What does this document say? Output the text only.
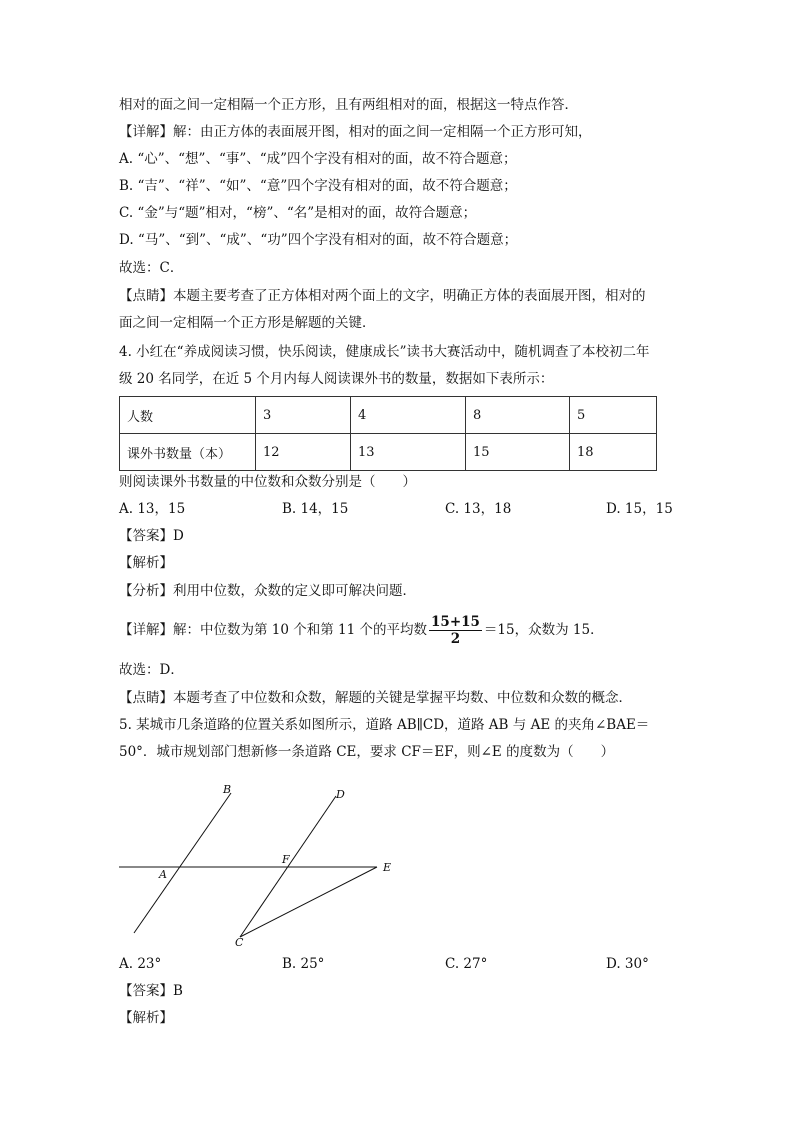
相对的面之间一定相隔一个正方形，且有两组相对的面，根据这一特点作答．
【详解】解：由正方体的表面展开图，相对的面之间一定相隔一个正方形可知，
A. “心”、“想”、“事”、“成”四个字没有相对的面，故不符合题意；
B. “吉”、“祥”、“如”、“意”四个字没有相对的面，故不符合题意；
C. “金”与“题”相对，“榜”、“名”是相对的面，故符合题意；
D. “马”、“到”、“成”、“功”四个字没有相对的面，故不符合题意；
故选：C．
【点睛】本题主要考查了正方体相对两个面上的文字，明确正方体的表面展开图，相对的
面之间一定相隔一个正方形是解题的关键．
4. 小红在“养成阅读习惯，快乐阅读，健康成长”读书大赛活动中，随机调查了本校初二年
级 20 名同学，在近 5 个月内每人阅读课外书的数量，数据如下表所示：
人数	3	4	8	5
课外书数量（本）	12	13	15	18
则阅读课外书数量的中位数和众数分别是（　　）
A. 13，15	B. 14，15	C. 13，18	D. 15，15
【答案】D
【解析】
【分析】利用中位数，众数的定义即可解决问题．
【详解】解：中位数为第 10 个和第 11 个的平均数 $\frac{15+15}{2} =15$，众数为 15．
故选：D．
【点睛】本题考查了中位数和众数，解题的关键是掌握平均数、中位数和众数的概念．
5. 某城市几条道路的位置关系如图所示，道路 AB∥CD，道路 AB 与 AE 的夹角∠BAE＝
50°．城市规划部门想新修一条道路 CE，要求 CF＝EF，则∠E 的度数为（　　）
B	D
F
A
E
C
A. 23°	B. 25°	C. 27°	D. 30°
【答案】B
【解析】
